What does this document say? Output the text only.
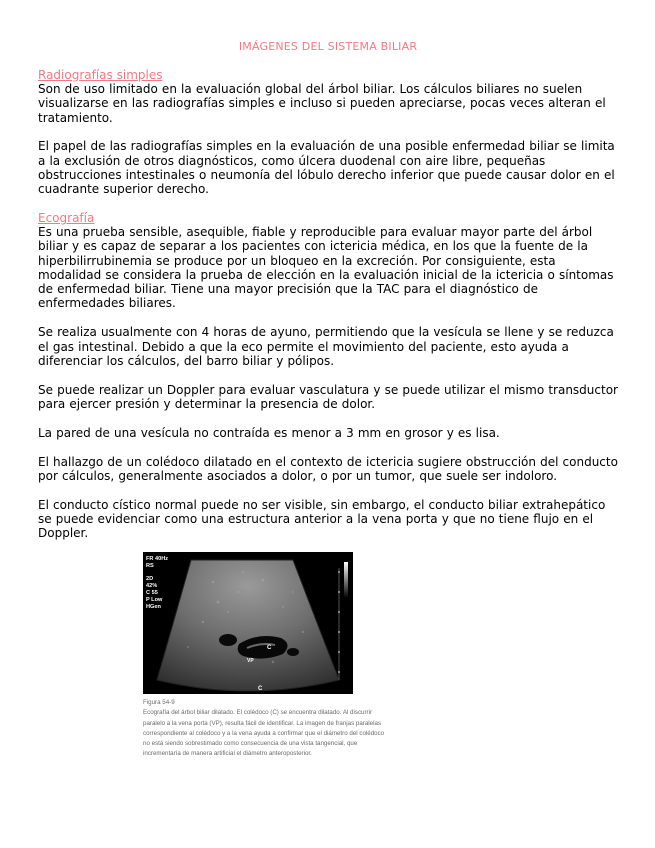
IMÁGENES DEL SISTEMA BILIAR
Radiografías simples

Son de uso limitado en la evaluación global del árbol biliar. Los cálculos biliares no suelen visualizarse en las radiografías simples e incluso si pueden apreciarse, pocas veces alteran el tratamiento.

El papel de las radiografías simples en la evaluación de una posible enfermedad biliar se limita a la exclusión de otros diagnósticos, como úlcera duodenal con aire libre, pequeñas obstrucciones intestinales o neumonía del lóbulo derecho inferior que puede causar dolor en el cuadrante superior derecho.

Ecografía

Es una prueba sensible, asequible, fiable y reproducible para evaluar mayor parte del árbol biliar y es capaz de separar a los pacientes con ictericia médica, en los que la fuente de la hiperbilirrubinemia se produce por un bloqueo en la excreción. Por consiguiente, esta modalidad se considera la prueba de elección en la evaluación inicial de la ictericia o síntomas de enfermedad biliar. Tiene una mayor precisión que la TAC para el diagnóstico de enfermedades biliares.

Se realiza usualmente con 4 horas de ayuno, permitiendo que la vesícula se llene y se reduzca el gas intestinal. Debido a que la eco permite el movimiento del paciente, esto ayuda a diferenciar los cálculos, del barro biliar y pólipos.

Se puede realizar un Doppler para evaluar vasculatura y se puede utilizar el mismo transductor para ejercer presión y determinar la presencia de dolor.

La pared de una vesícula no contraída es menor a 3 mm en grosor y es lisa.

El hallazgo de un colédoco dilatado en el contexto de ictericia sugiere obstrucción del conducto por cálculos, generalmente asociados a dolor, o por un tumor, que suele ser indoloro.

El conducto cístico normal puede no ser visible, sin embargo, el conducto biliar extrahepático se puede evidenciar como una estructura anterior a la vena porta y que no tiene flujo en el Doppler.

FR 40Hz
RS
2D
42%
C 55
P Low
HGen
C
VP
C
Figura 54-9
Ecografía del árbol biliar dilatado. El colédoco (C) se encuentra dilatado. Al discurrir
paralelo a la vena porta (VP), resulta fácil de identificar. La imagen de franjas paralelas
correspondiente al colédoco y a la vena ayuda a confirmar que el diámetro del colédoco
no está siendo sobrestimado como consecuencia de una vista tangencial, que
incrementaría de manera artificial el diámetro anteroposterior.
